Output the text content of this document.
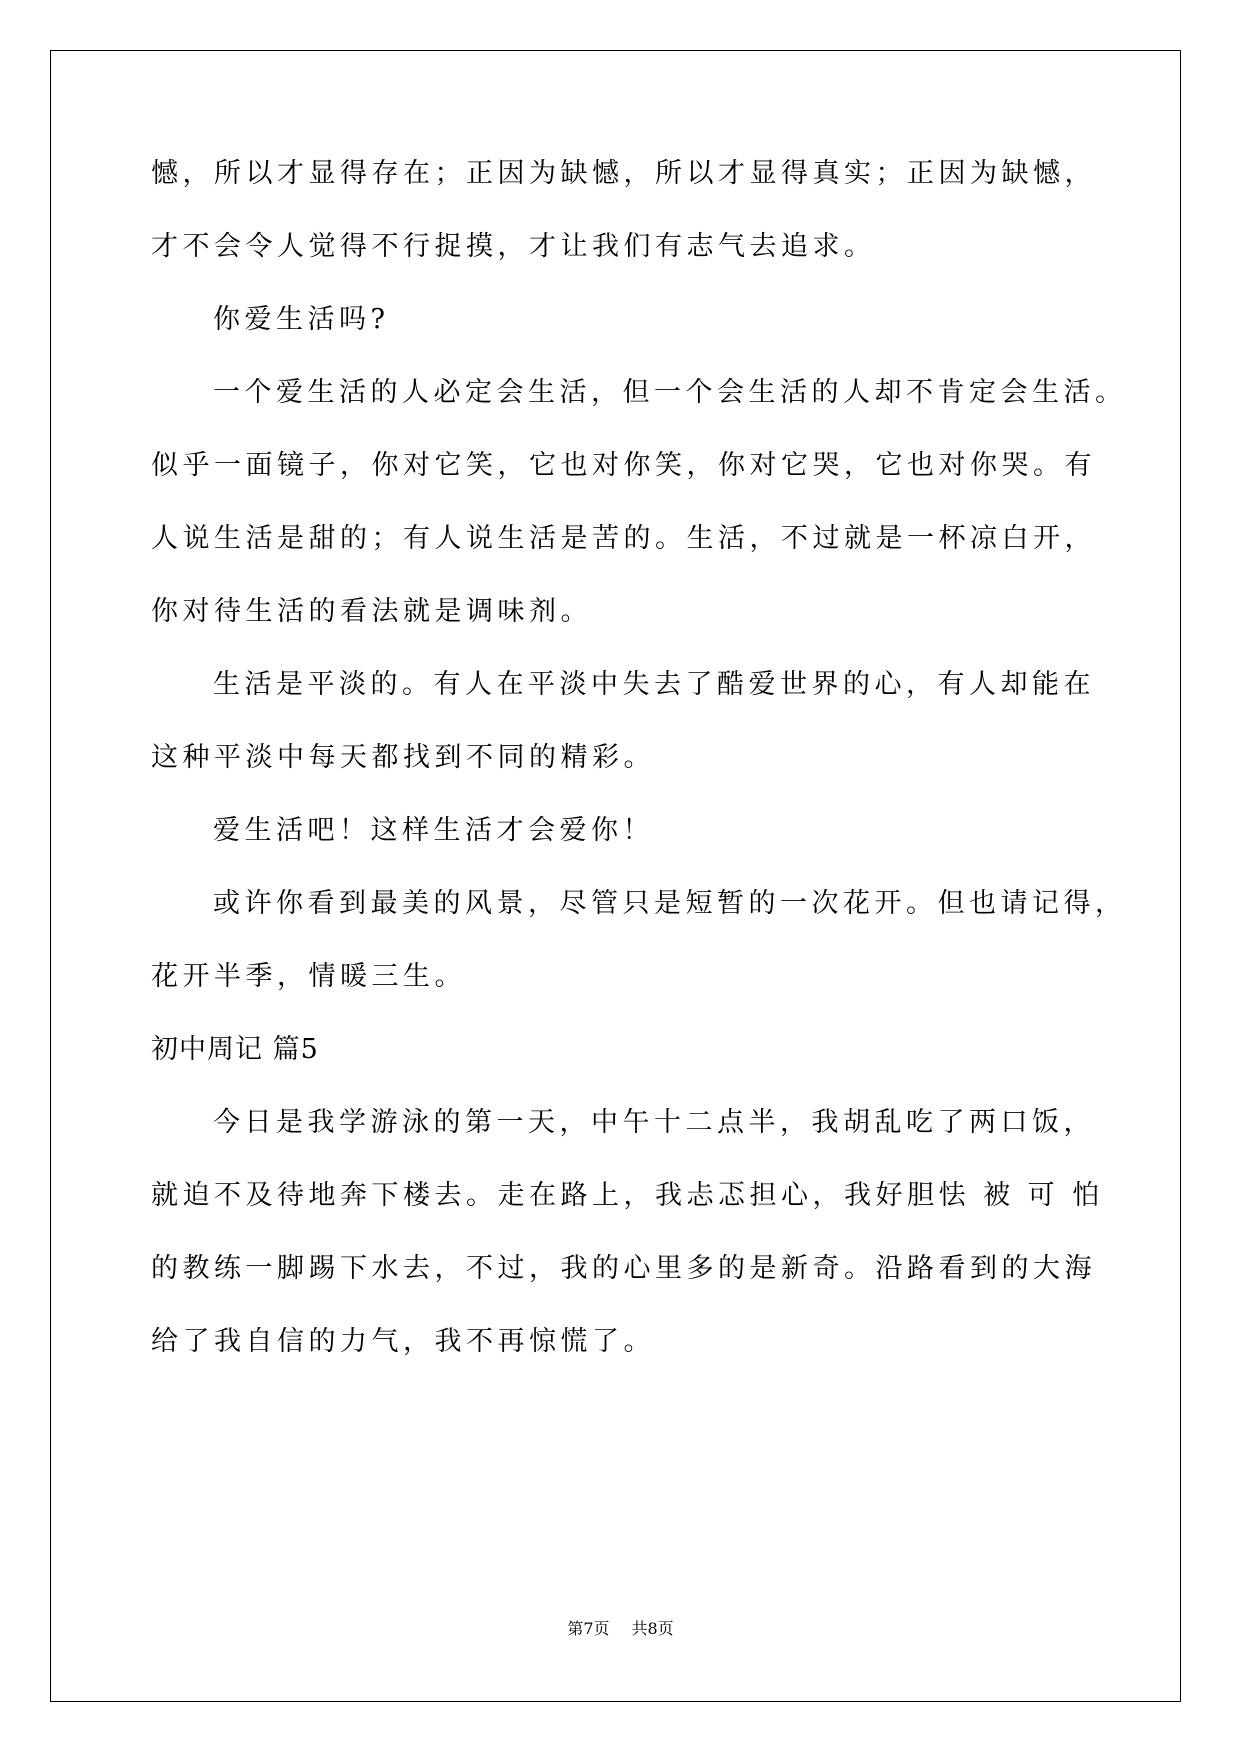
憾，所以才显得存在；正因为缺憾，所以才显得真实；正因为缺憾，
才不会令人觉得不行捉摸，才让我们有志气去追求。
你爱生活吗?
一个爱生活的人必定会生活，但一个会生活的人却不肯定会生活。
似乎一面镜子，你对它笑，它也对你笑，你对它哭，它也对你哭。有
人说生活是甜的；有人说生活是苦的。生活，不过就是一杯凉白开，
你对待生活的看法就是调味剂。
生活是平淡的。有人在平淡中失去了酷爱世界的心，有人却能在
这种平淡中每天都找到不同的精彩。
爱生活吧！这样生活才会爱你！
或许你看到最美的风景，尽管只是短暂的一次花开。但也请记得，
花开半季，情暖三生。
初中周记 篇5
今日是我学游泳的第一天，中午十二点半，我胡乱吃了两口饭，
就迫不及待地奔下楼去。走在路上，我忐忑担心，我好胆怯 被 可 怕
的教练一脚踢下水去，不过，我的心里多的是新奇。沿路看到的大海
给了我自信的力气，我不再惊慌了。
第7页 共8页
